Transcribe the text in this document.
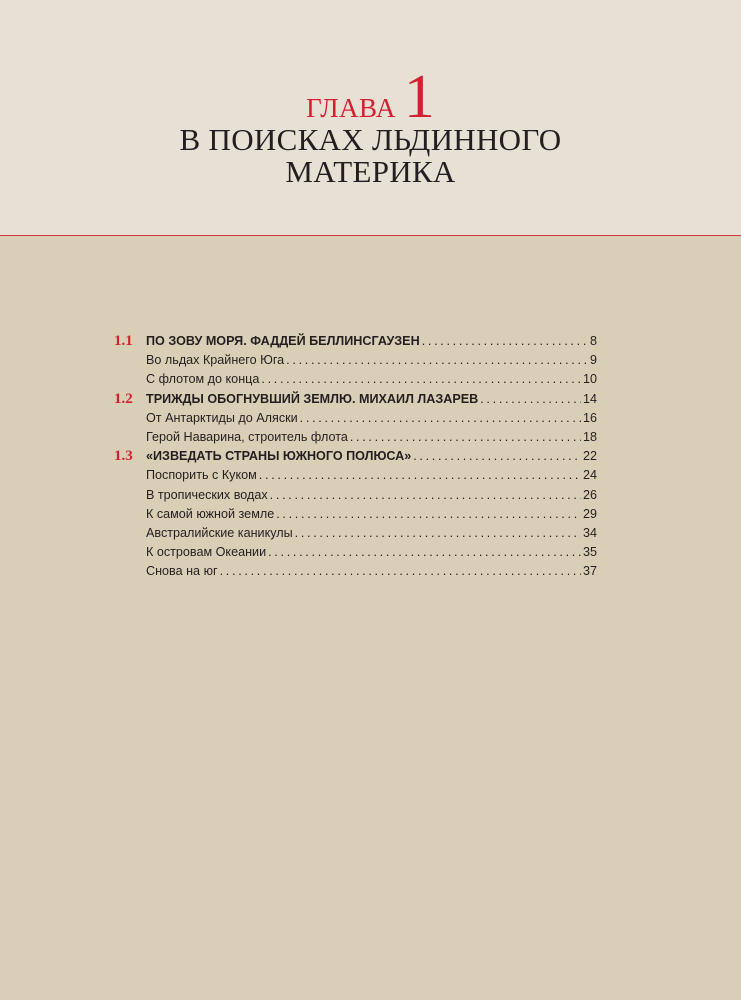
ГЛАВА 1
В ПОИСКАХ ЛЬДИННОГО
МАТЕРИКА
1.1 ПО ЗОВУ МОРЯ. ФАДДЕЙ БЕЛЛИНСГАУЗЕН . . .	8
Во льдах Крайнего Юга . . .	9
С флотом до конца . . .	10
1.2 ТРИЖДЫ ОБОГНУВШИЙ ЗЕМЛЮ. МИХАИЛ ЛАЗАРЕВ . . .	14
От Антарктиды до Аляски . . .	16
Герой Наварина, строитель флота . . .	18
1.3 «ИЗВЕДАТЬ СТРАНЫ ЮЖНОГО ПОЛЮСА» . . .	22
Поспорить с Куком . . .	24
В тропических водах . . .	26
К самой южной земле . . .	29
Австралийские каникулы . . .	34
К островам Океании . . .	35
Снова на юг . . .	37
